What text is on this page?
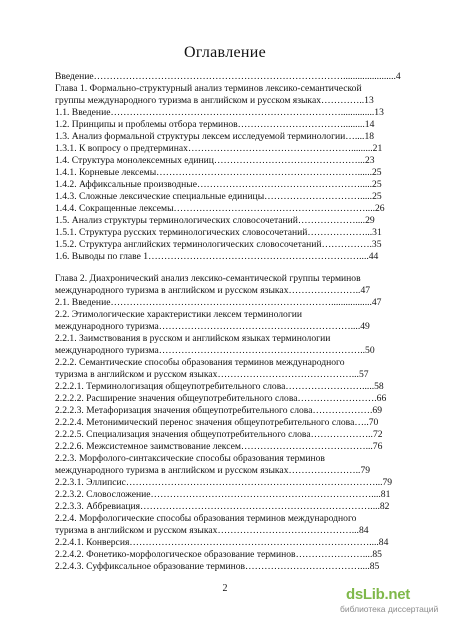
Оглавление
Введение……………………………………………………………………......................4
Глава 1. Формально-структурный анализ терминов лексико-семантической
группы международного туризма в английском и русском языках…………..13
1.1. Введение………………………………………………………………..............13
1.2. Принципы и проблемы отбора терминов…………………………….........14
1.3. Анализ формальной структуры лексем исследуемой терминологии…....18
1.3.1. К вопросу о предтерминах…………………………………………….........21
1.4. Структура монолексемных единиц………………………………………...23
1.4.1. Корневые лексемы………………………………………………………......25
1.4.2. Аффиксальные производные…………………………………………….....25
1.4.3. Сложные лексические специальные единицы………………………….....25
1.4.4. Сокращенные лексемы……………………………………………………....26
1.5. Анализ структуры терминологических словосочетаний………………....29
1.5.1. Структура русских терминологических словосочетаний………………...31
1.5.2. Структура английских терминологических словосочетаний…………….35
1.6. Выводы по главе 1…………………………………………………………....44
Глава 2. Диахронический анализ лексико-семантической группы терминов
международного туризма в английском и русском языках…………………..47
2.1. Введение…………………………………………………………….................47
2.2. Этимологические характеристики лексем терминологии
международного туризма……………………………………………………....49
2.2.1. Заимствования в русском и английском языках терминологии
международного туризма………………………………………………………..50
2.2.2. Семантические способы образования терминов международного
туризма в английском и русском языках……………………………………...57
2.2.2.1. Терминологизация общеупотребительного слова…………………….....58
2.2.2.2. Расширение значения общеупотребительного слова…………………….66
2.2.2.3. Метафоризация значения общеупотребительного слова……………….69
2.2.2.4. Метонимический перенос значения общеупотребительного слова…..70
2.2.2.5. Специализация значения общеупотребительного слова………………..72
2.2.2.6. Межсистемное заимствование лексем…………………………………...76
2.2.3. Морфолого-синтаксические способы образования терминов
международного туризма в английском и русском языках…………………..79
2.2.3.1. Эллипсис……………………………………………………………………...79
2.2.3.2. Словосложение……………………………………………………………....81
2.2.3.3. Аббревиация………………………………………………………………....82
2.2.4. Морфологические способы образования терминов международного
туризма в английском и русском языках……………………………………...84
2.2.4.1. Конверсия…………………………………………………………………....84
2.2.4.2. Фонетико-морфологическое образование терминов…………………....85
2.2.4.3. Суффиксальное образование терминов………………………………....85
2	dsLib.net
библиотека диссертаций
